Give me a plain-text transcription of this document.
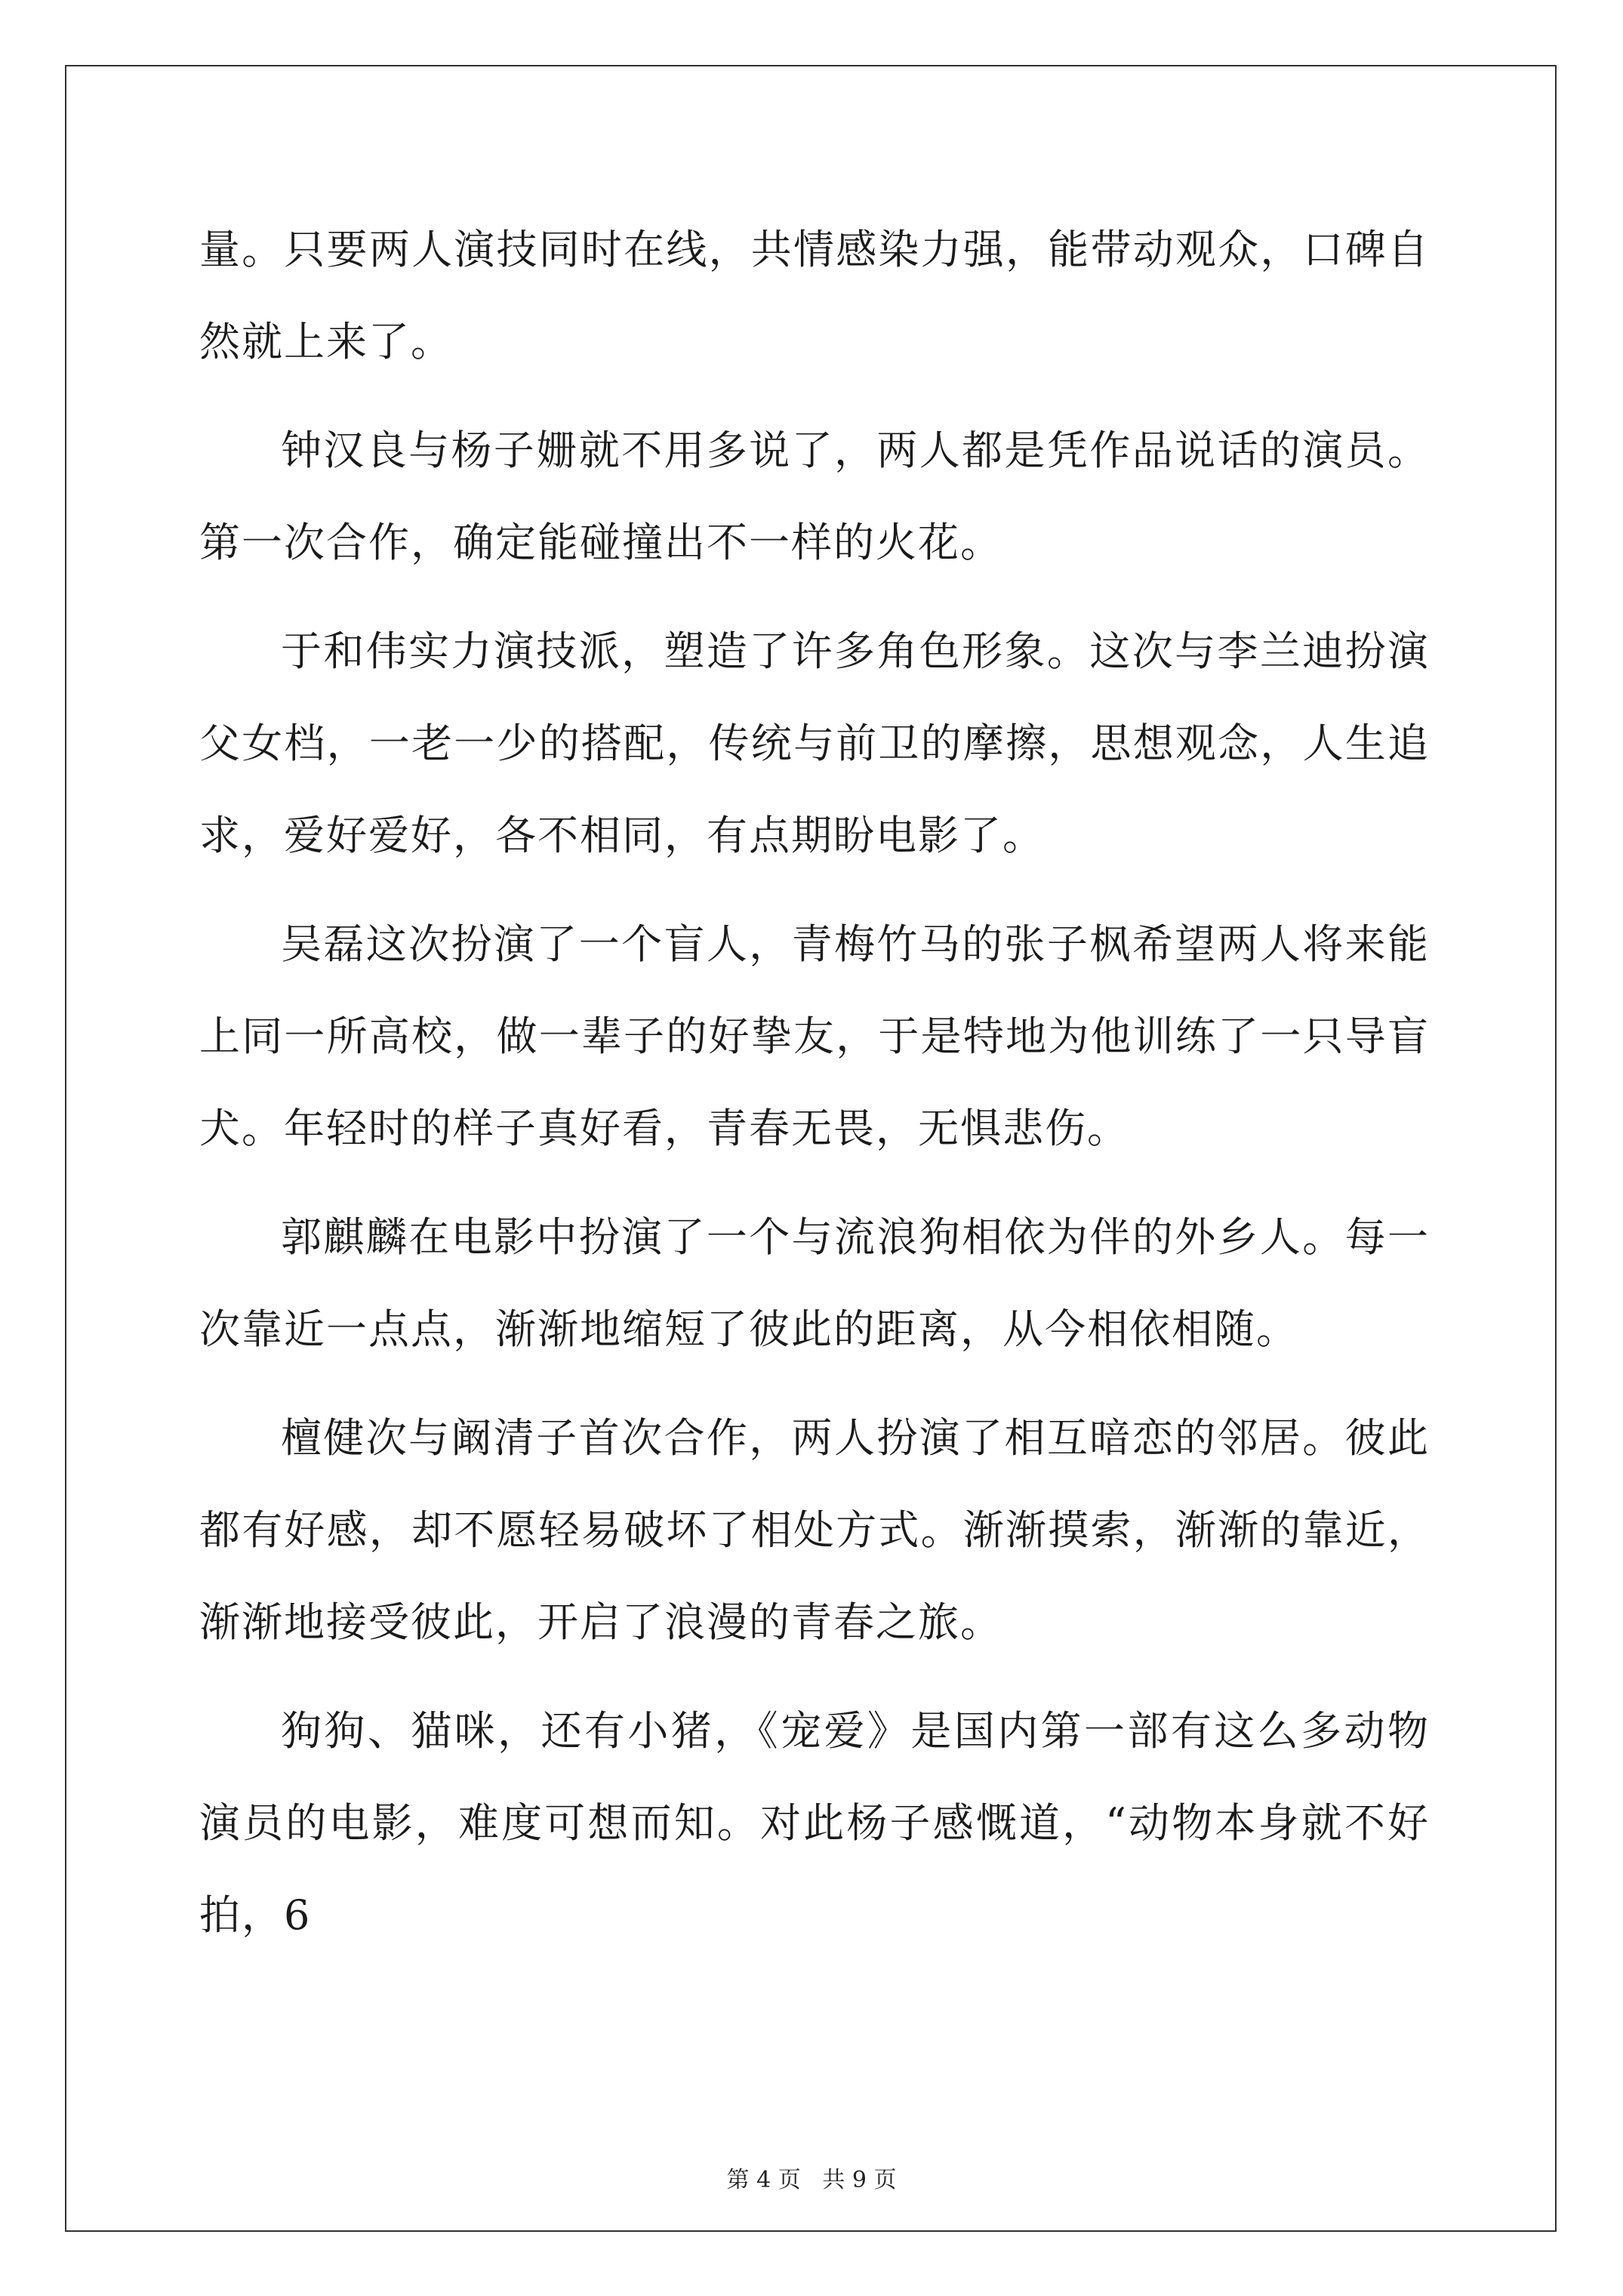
量。只要两人演技同时在线，共情感染力强，能带动观众，口碑自然就上来了。

钟汉良与杨子姗就不用多说了，两人都是凭作品说话的演员。第一次合作，确定能碰撞出不一样的火花。

于和伟实力演技派，塑造了许多角色形象。这次与李兰迪扮演父女档，一老一少的搭配，传统与前卫的摩擦，思想观念，人生追求，爱好爱好，各不相同，有点期盼电影了。

吴磊这次扮演了一个盲人，青梅竹马的张子枫希望两人将来能上同一所高校，做一辈子的好挚友，于是特地为他训练了一只导盲犬。年轻时的样子真好看，青春无畏，无惧悲伤。

郭麒麟在电影中扮演了一个与流浪狗相依为伴的外乡人。每一次靠近一点点，渐渐地缩短了彼此的距离，从今相依相随。

檀健次与阚清子首次合作，两人扮演了相互暗恋的邻居。彼此都有好感，却不愿轻易破坏了相处方式。渐渐摸索，渐渐的靠近，渐渐地接受彼此，开启了浪漫的青春之旅。

狗狗、猫咪，还有小猪，《宠爱》是国内第一部有这么多动物演员的电影，难度可想而知。对此杨子感慨道，“动物本身就不好拍，6

第 4 页   共 9 页
